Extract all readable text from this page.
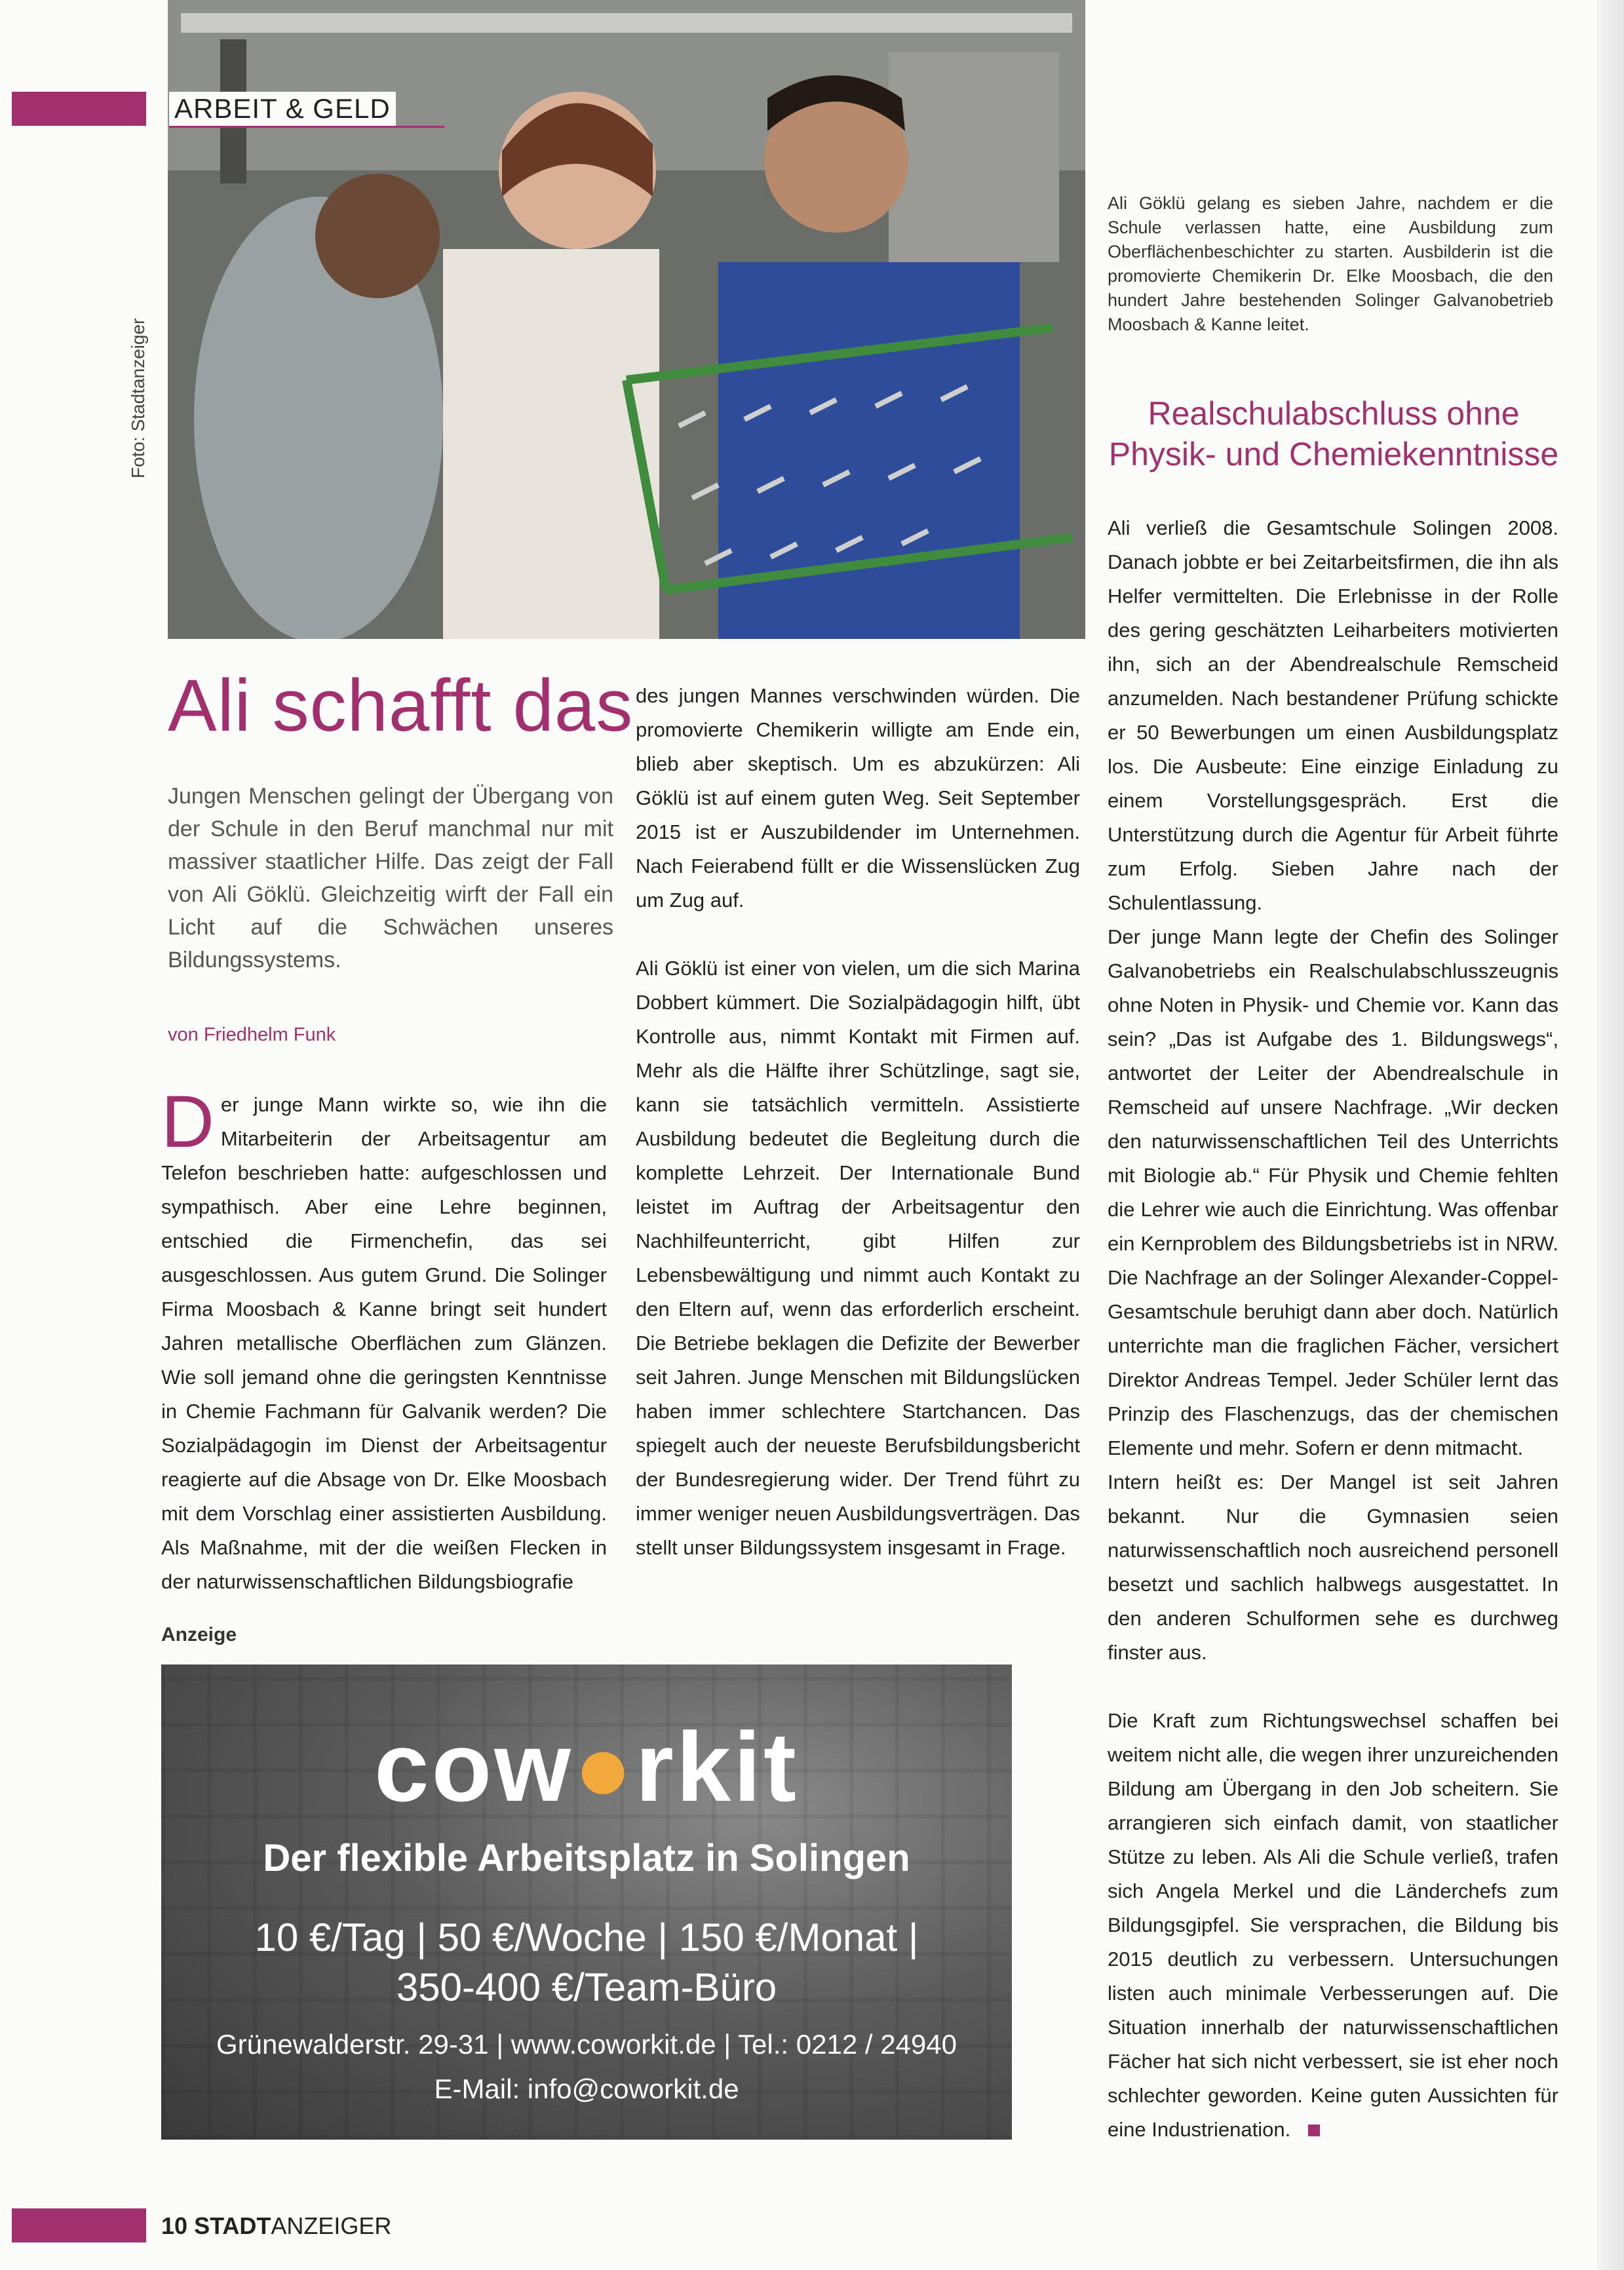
ARBEIT & GELD
Foto: Stadtanzeiger
Ali Göklü gelang es sieben Jahre, nachdem er die Schule verlassen hatte, eine Ausbildung zum Oberflächenbeschichter zu starten. Ausbilderin ist die promovierte Chemikerin Dr. Elke Moosbach, die den hundert Jahre bestehenden Solinger Galvanobetrieb Moosbach & Kanne leitet.
Realschulabschluss ohne
Physik- und Chemiekenntnisse
Ali schafft das
Jungen Menschen gelingt der Übergang von der Schule in den Beruf manchmal nur mit massiver staatlicher Hilfe. Das zeigt der Fall von Ali Göklü. Gleichzeitig wirft der Fall ein Licht auf die Schwächen unseres Bildungssystems.
von Friedhelm Funk
D er junge Mann wirkte so, wie ihn die Mitarbeiterin der Arbeitsagentur am Telefon beschrieben hatte: aufgeschlossen und sympathisch. Aber eine Lehre beginnen, entschied die Firmenchefin, das sei ausgeschlossen. Aus gutem Grund. Die Solinger Firma Moosbach & Kanne bringt seit hundert Jahren metallische Oberflächen zum Glänzen. Wie soll jemand ohne die geringsten Kenntnisse in Chemie Fachmann für Galvanik werden? Die Sozialpädagogin im Dienst der Arbeitsagentur reagierte auf die Absage von Dr. Elke Moosbach mit dem Vorschlag einer assistierten Ausbildung. Als Maßnahme, mit der die weißen Flecken in der naturwissenschaftlichen Bildungsbiografie

des jungen Mannes verschwinden würden. Die promovierte Chemikerin willigte am Ende ein, blieb aber skeptisch. Um es abzukürzen: Ali Göklü ist auf einem guten Weg. Seit September 2015 ist er Auszubildender im Unternehmen. Nach Feierabend füllt er die Wissenslücken Zug um Zug auf.

Ali Göklü ist einer von vielen, um die sich Marina Dobbert kümmert. Die Sozialpädagogin hilft, übt Kontrolle aus, nimmt Kontakt mit Firmen auf. Mehr als die Hälfte ihrer Schützlinge, sagt sie, kann sie tatsächlich vermitteln. Assistierte Ausbildung bedeutet die Begleitung durch die komplette Lehrzeit. Der Internationale Bund leistet im Auftrag der Arbeitsagentur den Nachhilfeunterricht, gibt Hilfen zur Lebensbewältigung und nimmt auch Kontakt zu den Eltern auf, wenn das erforderlich erscheint. Die Betriebe beklagen die Defizite der Bewerber seit Jahren. Junge Menschen mit Bildungslücken haben immer schlechtere Startchancen. Das spiegelt auch der neueste Berufsbildungsbericht der Bundesregierung wider. Der Trend führt zu immer weniger neuen Ausbildungsverträgen. Das stellt unser Bildungssystem insgesamt in Frage.

Ali verließ die Gesamtschule Solingen 2008. Danach jobbte er bei Zeitarbeitsfirmen, die ihn als Helfer vermittelten. Die Erlebnisse in der Rolle des gering geschätzten Leiharbeiters motivierten ihn, sich an der Abendrealschule Remscheid anzumelden. Nach bestandener Prüfung schickte er 50 Bewerbungen um einen Ausbildungsplatz los. Die Ausbeute: Eine einzige Einladung zu einem Vorstellungsgespräch. Erst die Unterstützung durch die Agentur für Arbeit führte zum Erfolg. Sieben Jahre nach der Schulentlassung.

Der junge Mann legte der Chefin des Solinger Galvanobetriebs ein Realschulabschlusszeugnis ohne Noten in Physik- und Chemie vor. Kann das sein? „Das ist Aufgabe des 1. Bildungswegs“, antwortet der Leiter der Abendrealschule in Remscheid auf unsere Nachfrage. „Wir decken den naturwissenschaftlichen Teil des Unterrichts mit Biologie ab.“ Für Physik und Chemie fehlten die Lehrer wie auch die Einrichtung. Was offenbar ein Kernproblem des Bildungsbetriebs ist in NRW. Die Nachfrage an der Solinger Alexander-Coppel-Gesamtschule beruhigt dann aber doch. Natürlich unterrichte man die fraglichen Fächer, versichert Direktor Andreas Tempel. Jeder Schüler lernt das Prinzip des Flaschenzugs, das der chemischen Elemente und mehr. Sofern er denn mitmacht.

Intern heißt es: Der Mangel ist seit Jahren bekannt. Nur die Gymnasien seien naturwissenschaftlich noch ausreichend personell besetzt und sachlich halbwegs ausgestattet. In den anderen Schulformen sehe es durchweg finster aus.

Die Kraft zum Richtungswechsel schaffen bei weitem nicht alle, die wegen ihrer unzureichenden Bildung am Übergang in den Job scheitern. Sie arrangieren sich einfach damit, von staatlicher Stütze zu leben. Als Ali die Schule verließ, trafen sich Angela Merkel und die Länderchefs zum Bildungsgipfel. Sie versprachen, die Bildung bis 2015 deutlich zu verbessern. Untersuchungen listen auch minimale Verbesserungen auf. Die Situation innerhalb der naturwissenschaftlichen Fächer hat sich nicht verbessert, sie ist eher noch schlechter geworden. Keine guten Aussichten für eine Industrienation.

Anzeige
cow●rkit
Der flexible Arbeitsplatz in Solingen
10 €/Tag | 50 €/Woche | 150 €/Monat |
350-400 €/Team-Büro
Grünewalderstr. 29-31 | www.coworkit.de | Tel.: 0212 / 24940
E-Mail: info@coworkit.de
10 STADTANZEIGER
